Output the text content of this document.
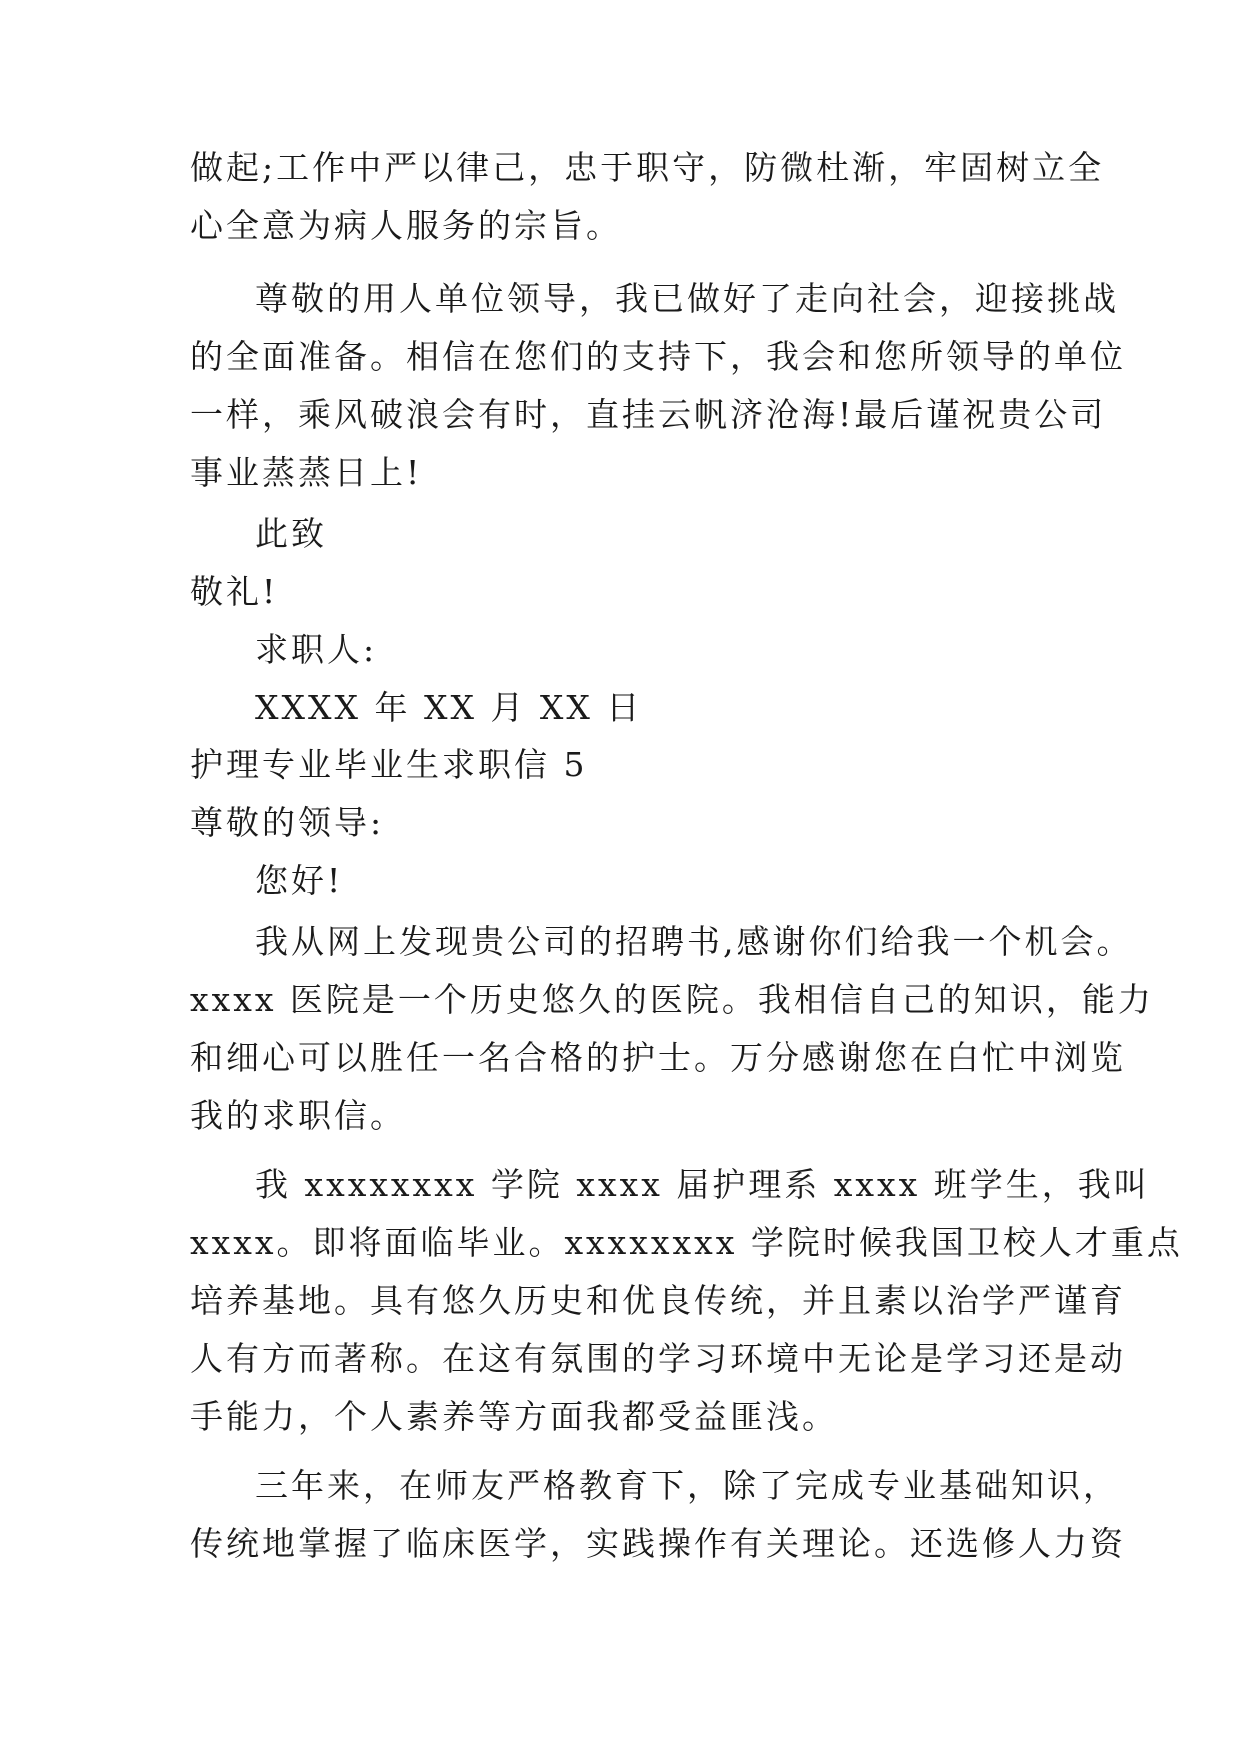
做起;工作中严以律己，忠于职守，防微杜渐，牢固树立全
心全意为病人服务的宗旨。
尊敬的用人单位领导，我已做好了走向社会，迎接挑战
的全面准备。相信在您们的支持下，我会和您所领导的单位
一样，乘风破浪会有时，直挂云帆济沧海!最后谨祝贵公司
事业蒸蒸日上!
此致
敬礼!
求职人:
XXXX 年 XX 月 XX 日
护理专业毕业生求职信 5
尊敬的领导:
您好!
我从网上发现贵公司的招聘书,感谢你们给我一个机会。
xxxx 医院是一个历史悠久的医院。我相信自己的知识，能力
和细心可以胜任一名合格的护士。万分感谢您在白忙中浏览
我的求职信。
我 xxxxxxxx 学院 xxxx 届护理系 xxxx 班学生，我叫
xxxx。即将面临毕业。xxxxxxxx 学院时候我国卫校人才重点
培养基地。具有悠久历史和优良传统，并且素以治学严谨育
人有方而著称。在这有氛围的学习环境中无论是学习还是动
手能力，个人素养等方面我都受益匪浅。
三年来，在师友严格教育下，除了完成专业基础知识，
传统地掌握了临床医学，实践操作有关理论。还选修人力资
